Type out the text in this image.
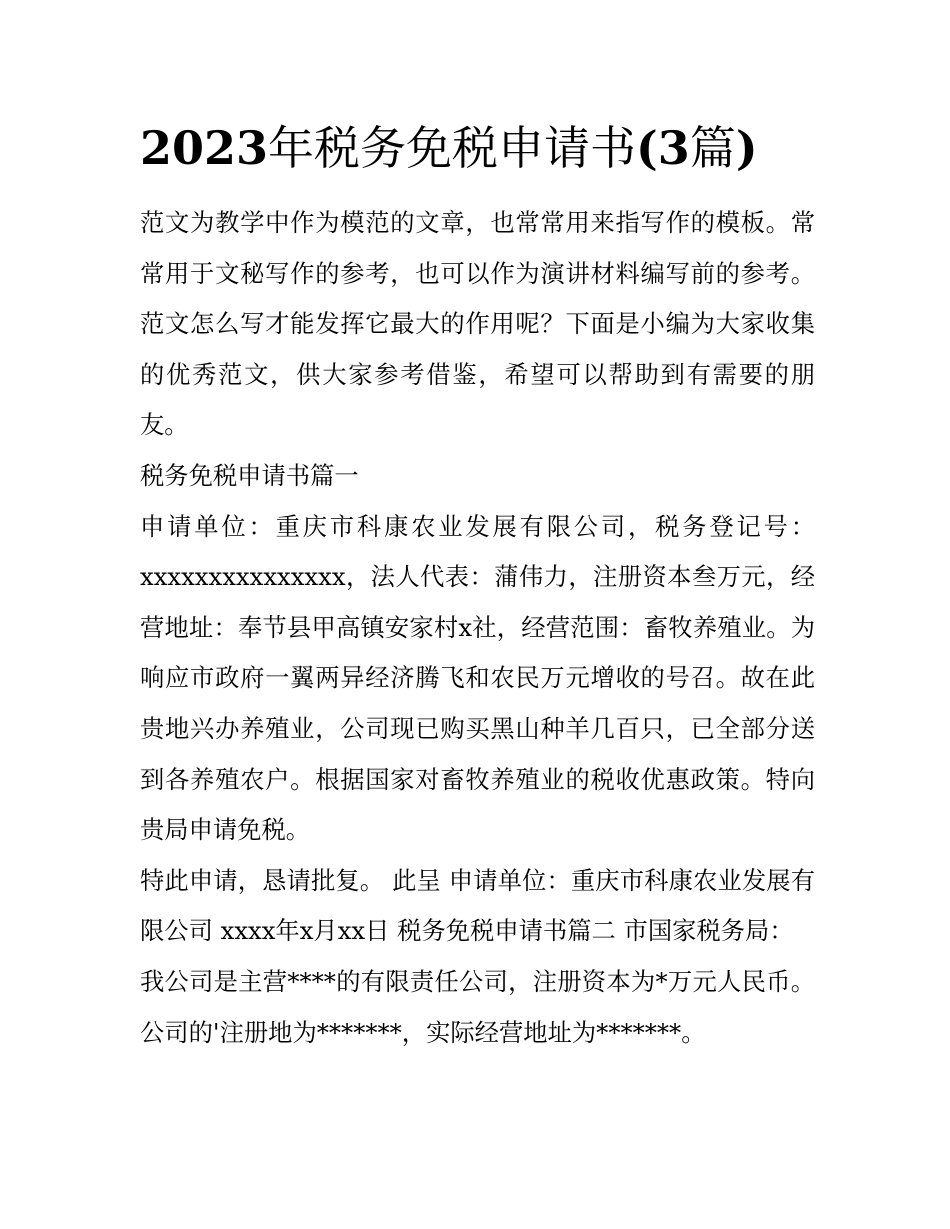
2023年税务免税申请书(3篇)

范文为教学中作为模范的文章，也常常用来指写作的模板。常常用于文秘写作的参考，也可以作为演讲材料编写前的参考。范文怎么写才能发挥它最大的作用呢？下面是小编为大家收集的优秀范文，供大家参考借鉴，希望可以帮助到有需要的朋友。

税务免税申请书篇一

申请单位：重庆市科康农业发展有限公司，税务登记号：xxxxxxxxxxxxxxx，法人代表：蒲伟力，注册资本叁万元，经营地址：奉节县甲高镇安家村x社，经营范围：畜牧养殖业。为响应市政府一翼两异经济腾飞和农民万元增收的号召。故在此贵地兴办养殖业，公司现已购买黑山种羊几百只，已全部分送到各养殖农户。根据国家对畜牧养殖业的税收优惠政策。特向贵局申请免税。

特此申请，恳请批复。 此呈 申请单位：重庆市科康农业发展有限公司 xxxx年x月xx日 税务免税申请书篇二 市国家税务局：

我公司是主营****的有限责任公司，注册资本为*万元人民币。公司的'注册地为*******，实际经营地址为*******。
